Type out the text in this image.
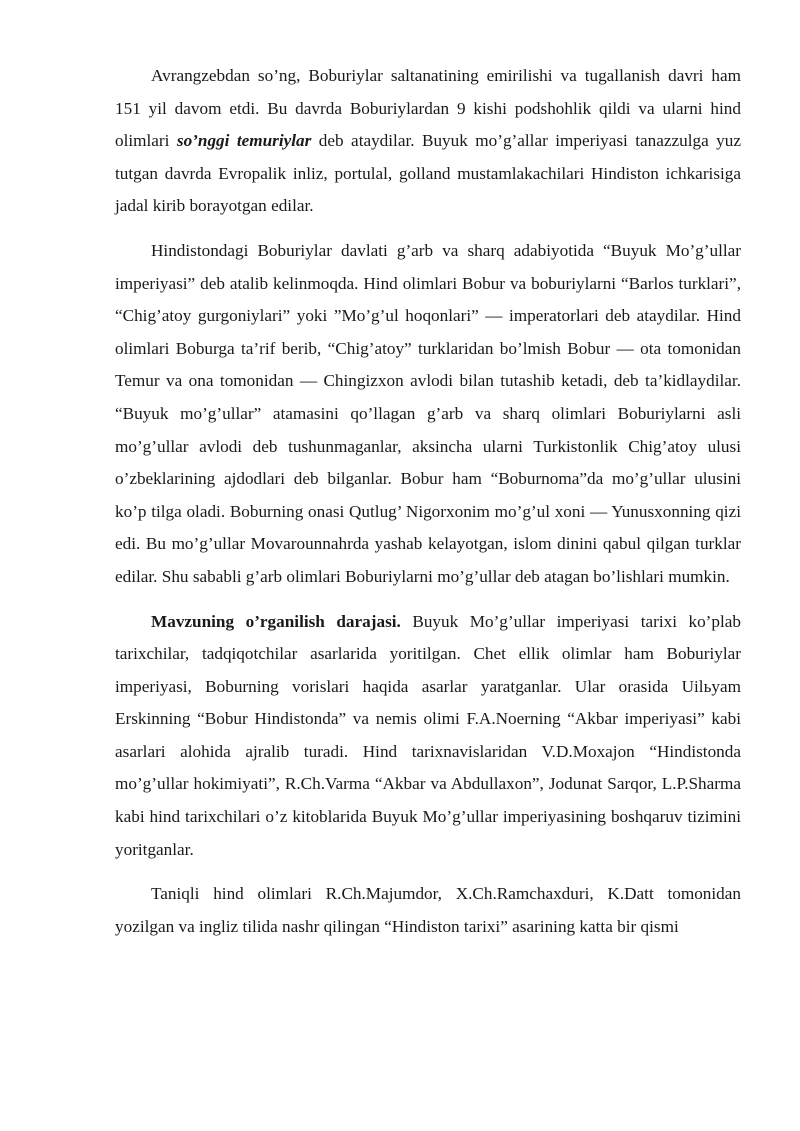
Avrangzebdan so’ng, Boburiylar saltanatining emirilishi va tugallanish davri ham 151 yil davom etdi. Bu davrda Boburiylardan 9 kishi podshohlik qildi va ularni hind olimlari so’nggi temuriylar deb ataydilar. Buyuk mo’g’allar imperiyasi tanazzulga yuz tutgan davrda Evropalik inliz, portulal, golland mustamlakachilari Hindiston ichkarisiga jadal kirib borayotgan edilar.

Hindistondagi Boburiylar davlati g’arb va sharq adabiyotida “Buyuk Mo’g’ullar imperiyasi” deb atalib kelinmoqda. Hind olimlari Bobur va boburiylarni “Barlos turklari”, “Chig’atoy gurgoniylari” yoki ”Mo’g’ul hoqonlari” — imperatorlari deb ataydilar. Hind olimlari Boburga ta’rif berib, “Chig’atoy” turklaridan bo’lmish Bobur — ota tomonidan Temur va ona tomonidan — Chingizxon avlodi bilan tutashib ketadi, deb ta’kidlaydilar. “Buyuk mo’g’ullar” atamasini qo’llagan g’arb va sharq olimlari Boburiylarni asli mo’g’ullar avlodi deb tushunmaganlar, aksincha ularni Turkistonlik Chig’atoy ulusi o’zbeklarining ajdodlari deb bilganlar. Bobur ham “Boburnoma”da mo’g’ullar ulusini ko’p tilga oladi. Boburning onasi Qutlug’ Nigorxonim mo’g’ul xoni — Yunusxonning qizi edi. Bu mo’g’ullar Movarounnahrda yashab kelayotgan, islom dinini qabul qilgan turklar edilar. Shu sababli g’arb olimlari Boburiylarni mo’g’ullar deb atagan bo’lishlari mumkin.

Mavzuning o’rganilish darajasi. Buyuk Mo’g’ullar imperiyasi tarixi ko’plab tarixchilar, tadqiqotchilar asarlarida yoritilgan. Chet ellik olimlar ham Boburiylar imperiyasi, Boburning vorislari haqida asarlar yaratganlar. Ular orasida Uilьyam Erskinning “Bobur Hindistonda” va nemis olimi F.A.Noerning “Akbar imperiyasi” kabi asarlari alohida ajralib turadi. Hind tarixnavislaridan V.D.Moxajon “Hindistonda mo’g’ullar hokimiyati”, R.Ch.Varma “Akbar va Abdullaxon”, Jodunat Sarqor, L.P.Sharma kabi hind tarixchilari o’z kitoblarida Buyuk Mo’g’ullar imperiyasining boshqaruv tizimini yoritganlar.

Taniqli hind olimlari R.Ch.Majumdor, X.Ch.Ramchaxduri, K.Datt tomonidan yozilgan va ingliz tilida nashr qilingan “Hindiston tarixi” asarining katta bir qismi
